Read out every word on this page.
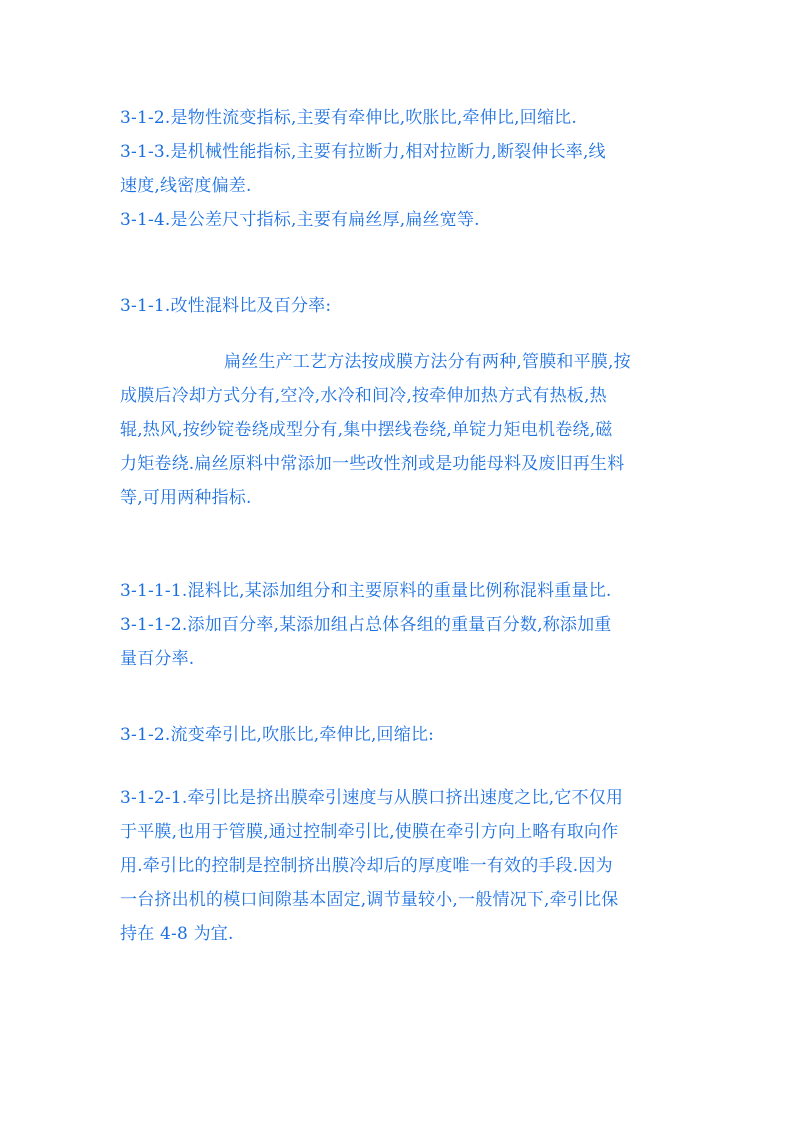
3-1-2.是物性流变指标,主要有牵伸比,吹胀比,牵伸比,回缩比.
3-1-3.是机械性能指标,主要有拉断力,相对拉断力,断裂伸长率,线
速度,线密度偏差.
3-1-4.是公差尺寸指标,主要有扁丝厚,扁丝宽等.
3-1-1.改性混料比及百分率:
扁丝生产工艺方法按成膜方法分有两种,管膜和平膜,按
成膜后冷却方式分有,空冷,水冷和间冷,按牵伸加热方式有热板,热
辊,热风,按纱锭卷绕成型分有,集中摆线卷绕,单锭力矩电机卷绕,磁
力矩卷绕.扁丝原料中常添加一些改性剂或是功能母料及废旧再生料
等,可用两种指标.
3-1-1-1.混料比,某添加组分和主要原料的重量比例称混料重量比.
3-1-1-2.添加百分率,某添加组占总体各组的重量百分数,称添加重
量百分率.
3-1-2.流变牵引比,吹胀比,牵伸比,回缩比:
3-1-2-1.牵引比是挤出膜牵引速度与从膜口挤出速度之比,它不仅用
于平膜,也用于管膜,通过控制牵引比,使膜在牵引方向上略有取向作
用.牵引比的控制是控制挤出膜冷却后的厚度唯一有效的手段.因为
一台挤出机的模口间隙基本固定,调节量较小,一般情况下,牵引比保
持在 4-8 为宜.
